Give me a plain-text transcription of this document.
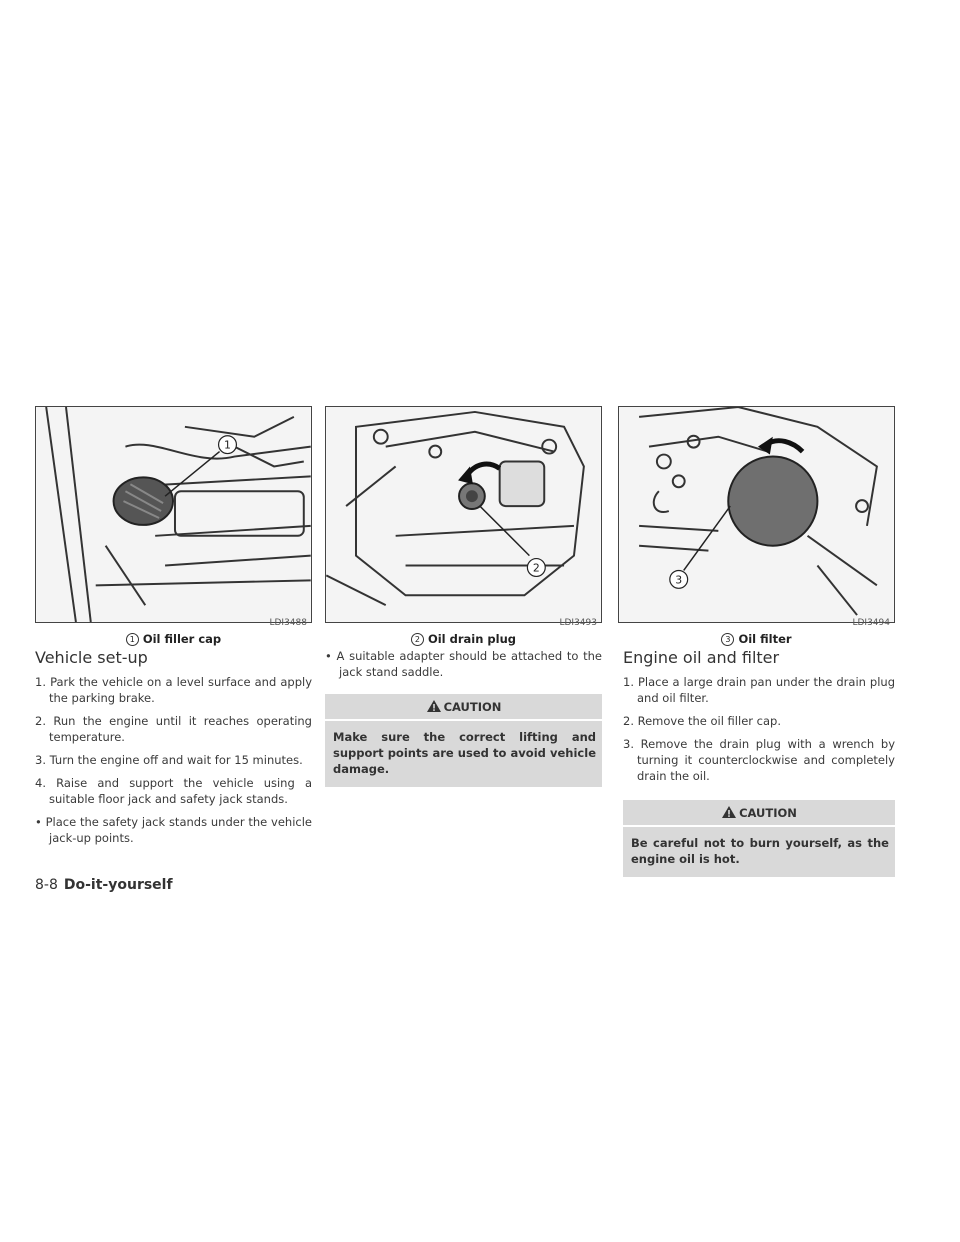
1
LDI3488
1 Oil filler cap
2
LDI3493
2 Oil drain plug
3
LDI3494
3 Oil filter
Vehicle set-up
1. Park the vehicle on a level surface and apply the parking brake.
2. Run the engine until it reaches operating temperature.
3. Turn the engine off and wait for 15 minutes.
4. Raise and support the vehicle using a suitable floor jack and safety jack stands.
• Place the safety jack stands under the vehicle jack-up points.
• A suitable adapter should be attached to the jack stand saddle.
CAUTION
Make sure the correct lifting and support points are used to avoid vehicle damage.
Engine oil and filter
1. Place a large drain pan under the drain plug and oil filter.
2. Remove the oil filler cap.
3. Remove the drain plug with a wrench by turning it counterclockwise and completely drain the oil.
CAUTION
Be careful not to burn yourself, as the engine oil is hot.
8-8 Do-it-yourself
